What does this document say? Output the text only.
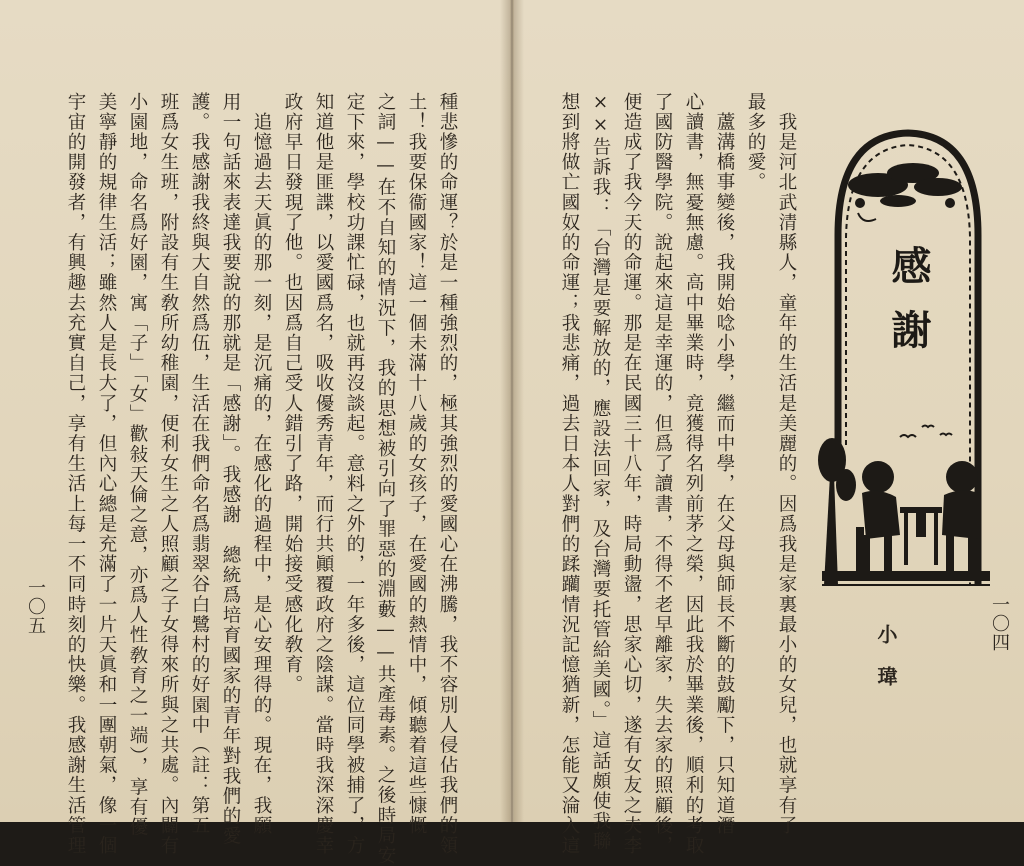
種悲慘的命運？於是一種強烈的，極其強烈的愛國心在沸騰，我不容別人侵佔我們的領
土！我要保衞國家！這一個未滿十八歲的女孩子，在愛國的熱情中，傾聽着這些慷慨
之詞——在不自知的情況下，我的思想被引向了罪惡的淵藪——共產毒素。之後時局安
定下來，學校功課忙碌，也就再沒談起。意料之外的，一年多後，這位同學被捕了，方
知道他是匪諜，以愛國爲名，吸收優秀青年，而行共顚覆政府之陰謀。當時我深深慶幸
政府早日發現了他。也因爲自己受人錯引了路，開始接受感化敎育。
　追憶過去天眞的那一刻，是沉痛的，在感化的過程中，是心安理得的。現在，我願
用一句話來表達我要說的那就是「感謝」。我感謝　總統爲培育國家的青年對我們的愛
護。我感謝我終與大自然爲伍，生活在我們命名爲翡翠谷白鷺村的好園中（註：第五
班爲女生班，附設有生敎所幼稚園，便利女生之人照顧之子女得來所與之共處。內闢有
小園地，命名爲好園，寓「子」「女」歡敍天倫之意，亦爲人性敎育之一端），享有優
美寧靜的規律生活；雖然人是長大了，但內心總是充滿了一片天眞和一團朝氣，像一個
宇宙的開發者，有興趣去充實自己，享有生活上每一不同時刻的快樂。我感謝生活管理
一〇五	　我是河北武清縣人，童年的生活是美麗的。因爲我是家裏最小的女兒，也就享有了
最多的愛。
　蘆溝橋事變後，我開始唸小學，繼而中學，在父母與師長不斷的鼓勵下，只知道潛
心讀書，無憂無慮。高中畢業時，竟獲得名列前茅之榮，因此我於畢業後，順利的考取
了國防醫學院。說起來這是幸運的，但爲了讀書，不得不老早離家，失去家的照顧後，
便造成了我今天的命運。那是在民國三十八年，時局動盪，思家心切，遂有女友之夫李
××告訴我：「台灣是要解放的，應設法回家，及台灣要托管給美國。」這話頗使我聯
想到將做亡國奴的命運；我悲痛，過去日本人對們的蹂躪情況記憶猶新，怎能又淪入這	感謝
小瑋
一〇四
